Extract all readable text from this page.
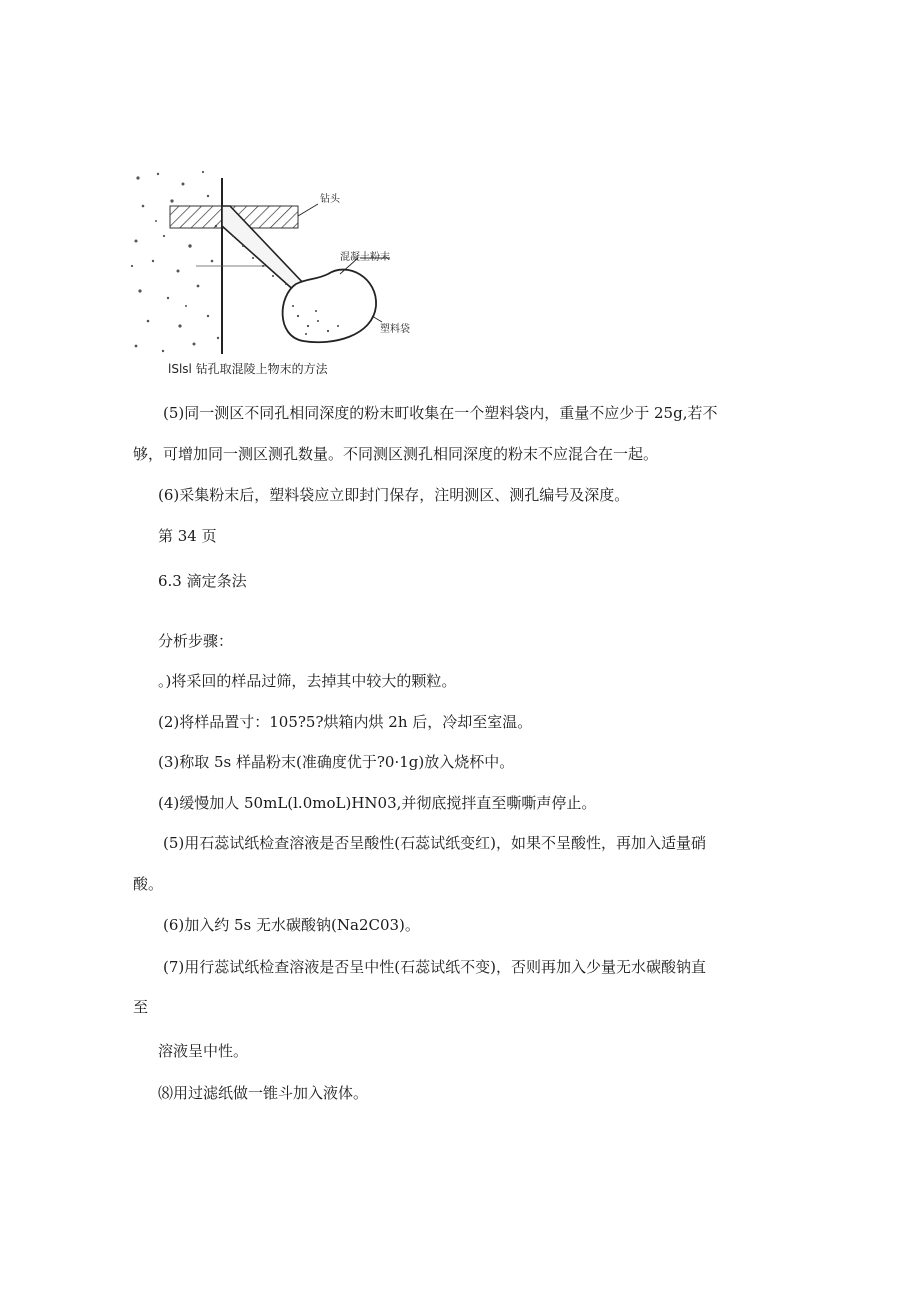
钻头
混凝土粉末
塑料袋
lSlsl 钻孔取混陵上物末的方法
(5)同一测区不同孔相同深度的粉末町收集在一个塑料袋内，重量不应少于 25g,若不
够，可增加同一测区测孔数量。不同测区测孔相同深度的粉末不应混合在一起。
(6)采集粉末后，塑料袋应立即封门保存，注明测区、测孔编号及深度。
第 34 页
6.3 滴定条法
分析步骤：
。)将采回的样品过筛，去掉其中较大的颗粒。
(2)将样品置寸：105?5?烘箱内烘 2h 后，冷却至室温。
(3)称取 5s 样晶粉末(准确度优于?0·1g)放入烧杯中。
(4)缓慢加人 50mL(l.0moL)HN03,并彻底搅拌直至嘶嘶声停止。
(5)用石蕊试纸检查溶液是否呈酸性(石蕊试纸变红)，如果不呈酸性，再加入适量硝
酸。
(6)加入约 5s 无水碳酸钠(Na2C03)。
(7)用行蕊试纸检查溶液是否呈中性(石蕊试纸不变)，否则再加入少量无水碳酸钠直
至
溶液呈中性。
⑻用过滤纸做一锥斗加入液体。
